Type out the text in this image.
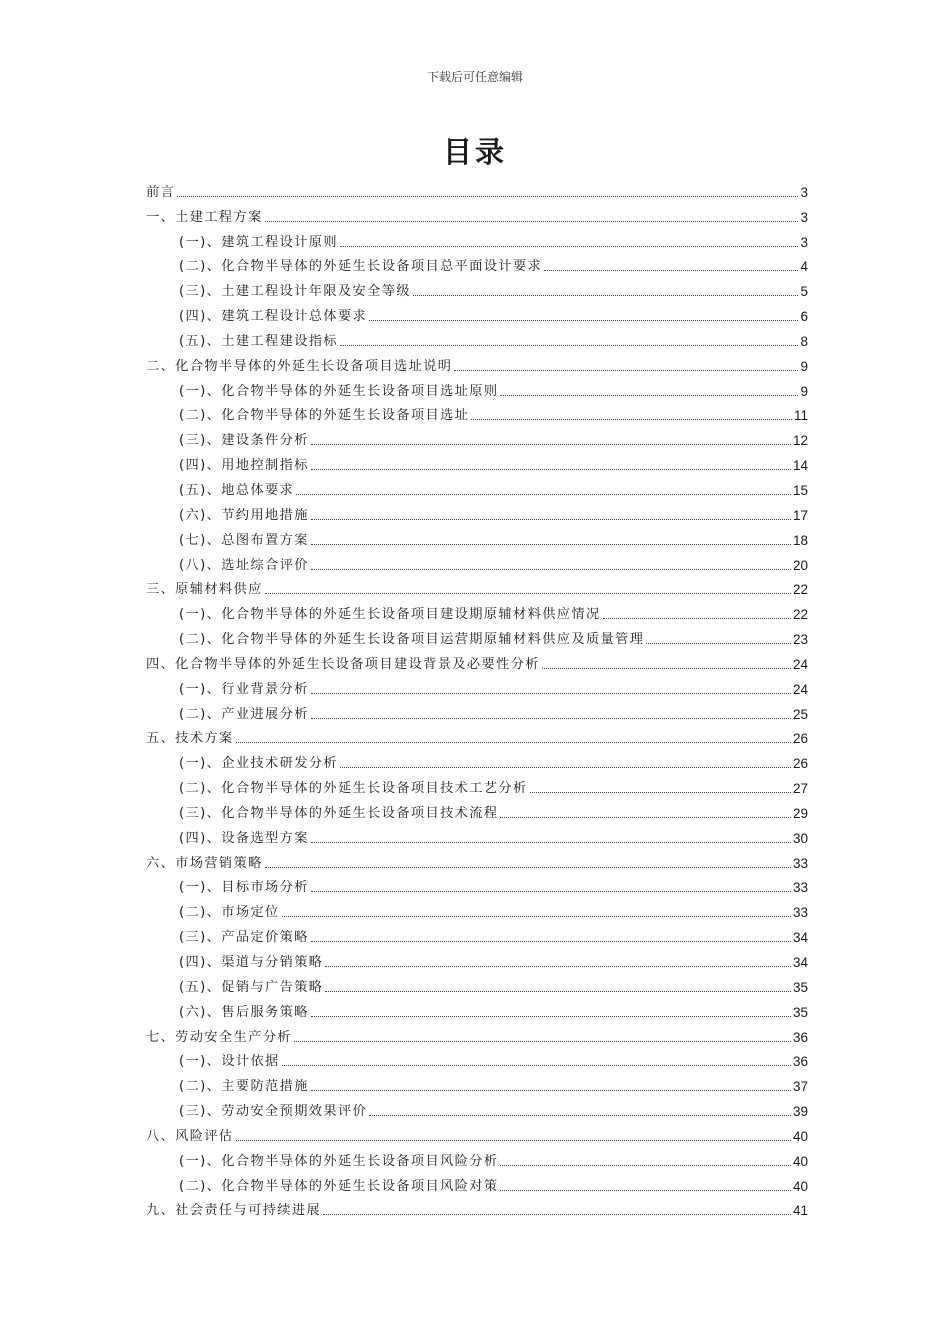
下载后可任意编辑
目录
前言	3
一、土建工程方案	3
(一)、建筑工程设计原则	3
(二)、化合物半导体的外延生长设备项目总平面设计要求	4
(三)、土建工程设计年限及安全等级	5
(四)、建筑工程设计总体要求	6
(五)、土建工程建设指标	8
二、化合物半导体的外延生长设备项目选址说明	9
(一)、化合物半导体的外延生长设备项目选址原则	9
(二)、化合物半导体的外延生长设备项目选址	11
(三)、建设条件分析	12
(四)、用地控制指标	14
(五)、地总体要求	15
(六)、节约用地措施	17
(七)、总图布置方案	18
(八)、选址综合评价	20
三、原辅材料供应	22
(一)、化合物半导体的外延生长设备项目建设期原辅材料供应情况	22
(二)、化合物半导体的外延生长设备项目运营期原辅材料供应及质量管理	23
四、化合物半导体的外延生长设备项目建设背景及必要性分析	24
(一)、行业背景分析	24
(二)、产业进展分析	25
五、技术方案	26
(一)、企业技术研发分析	26
(二)、化合物半导体的外延生长设备项目技术工艺分析	27
(三)、化合物半导体的外延生长设备项目技术流程	29
(四)、设备选型方案	30
六、市场营销策略	33
(一)、目标市场分析	33
(二)、市场定位	33
(三)、产品定价策略	34
(四)、渠道与分销策略	34
(五)、促销与广告策略	35
(六)、售后服务策略	35
七、劳动安全生产分析	36
(一)、设计依据	36
(二)、主要防范措施	37
(三)、劳动安全预期效果评价	39
八、风险评估	40
(一)、化合物半导体的外延生长设备项目风险分析	40
(二)、化合物半导体的外延生长设备项目风险对策	40
九、社会责任与可持续进展	41
